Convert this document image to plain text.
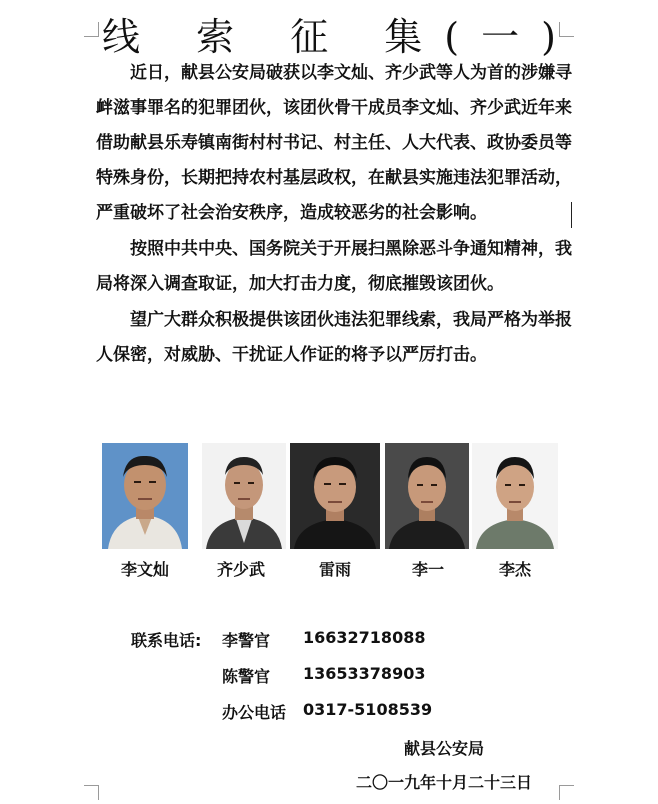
线 索 征 集(一)

近日，献县公安局破获以李文灿、齐少武等人为首的涉嫌寻衅滋事罪名的犯罪团伙，该团伙骨干成员李文灿、齐少武近年来借助献县乐寿镇南街村村书记、村主任、人大代表、政协委员等特殊身份，长期把持农村基层政权，在献县实施违法犯罪活动，严重破坏了社会治安秩序，造成较恶劣的社会影响。

按照中共中央、国务院关于开展扫黑除恶斗争通知精神，我局将深入调查取证，加大打击力度，彻底摧毁该团伙。

望广大群众积极提供该团伙违法犯罪线索，我局严格为举报人保密，对威胁、干扰证人作证的将予以严厉打击。

李文灿	齐少武	雷雨	李一	李杰
联系电话: 李警官 16632718088
陈警官 13653378903
办公电话 0317-5108539
献县公安局
二〇一九年十月二十三日
